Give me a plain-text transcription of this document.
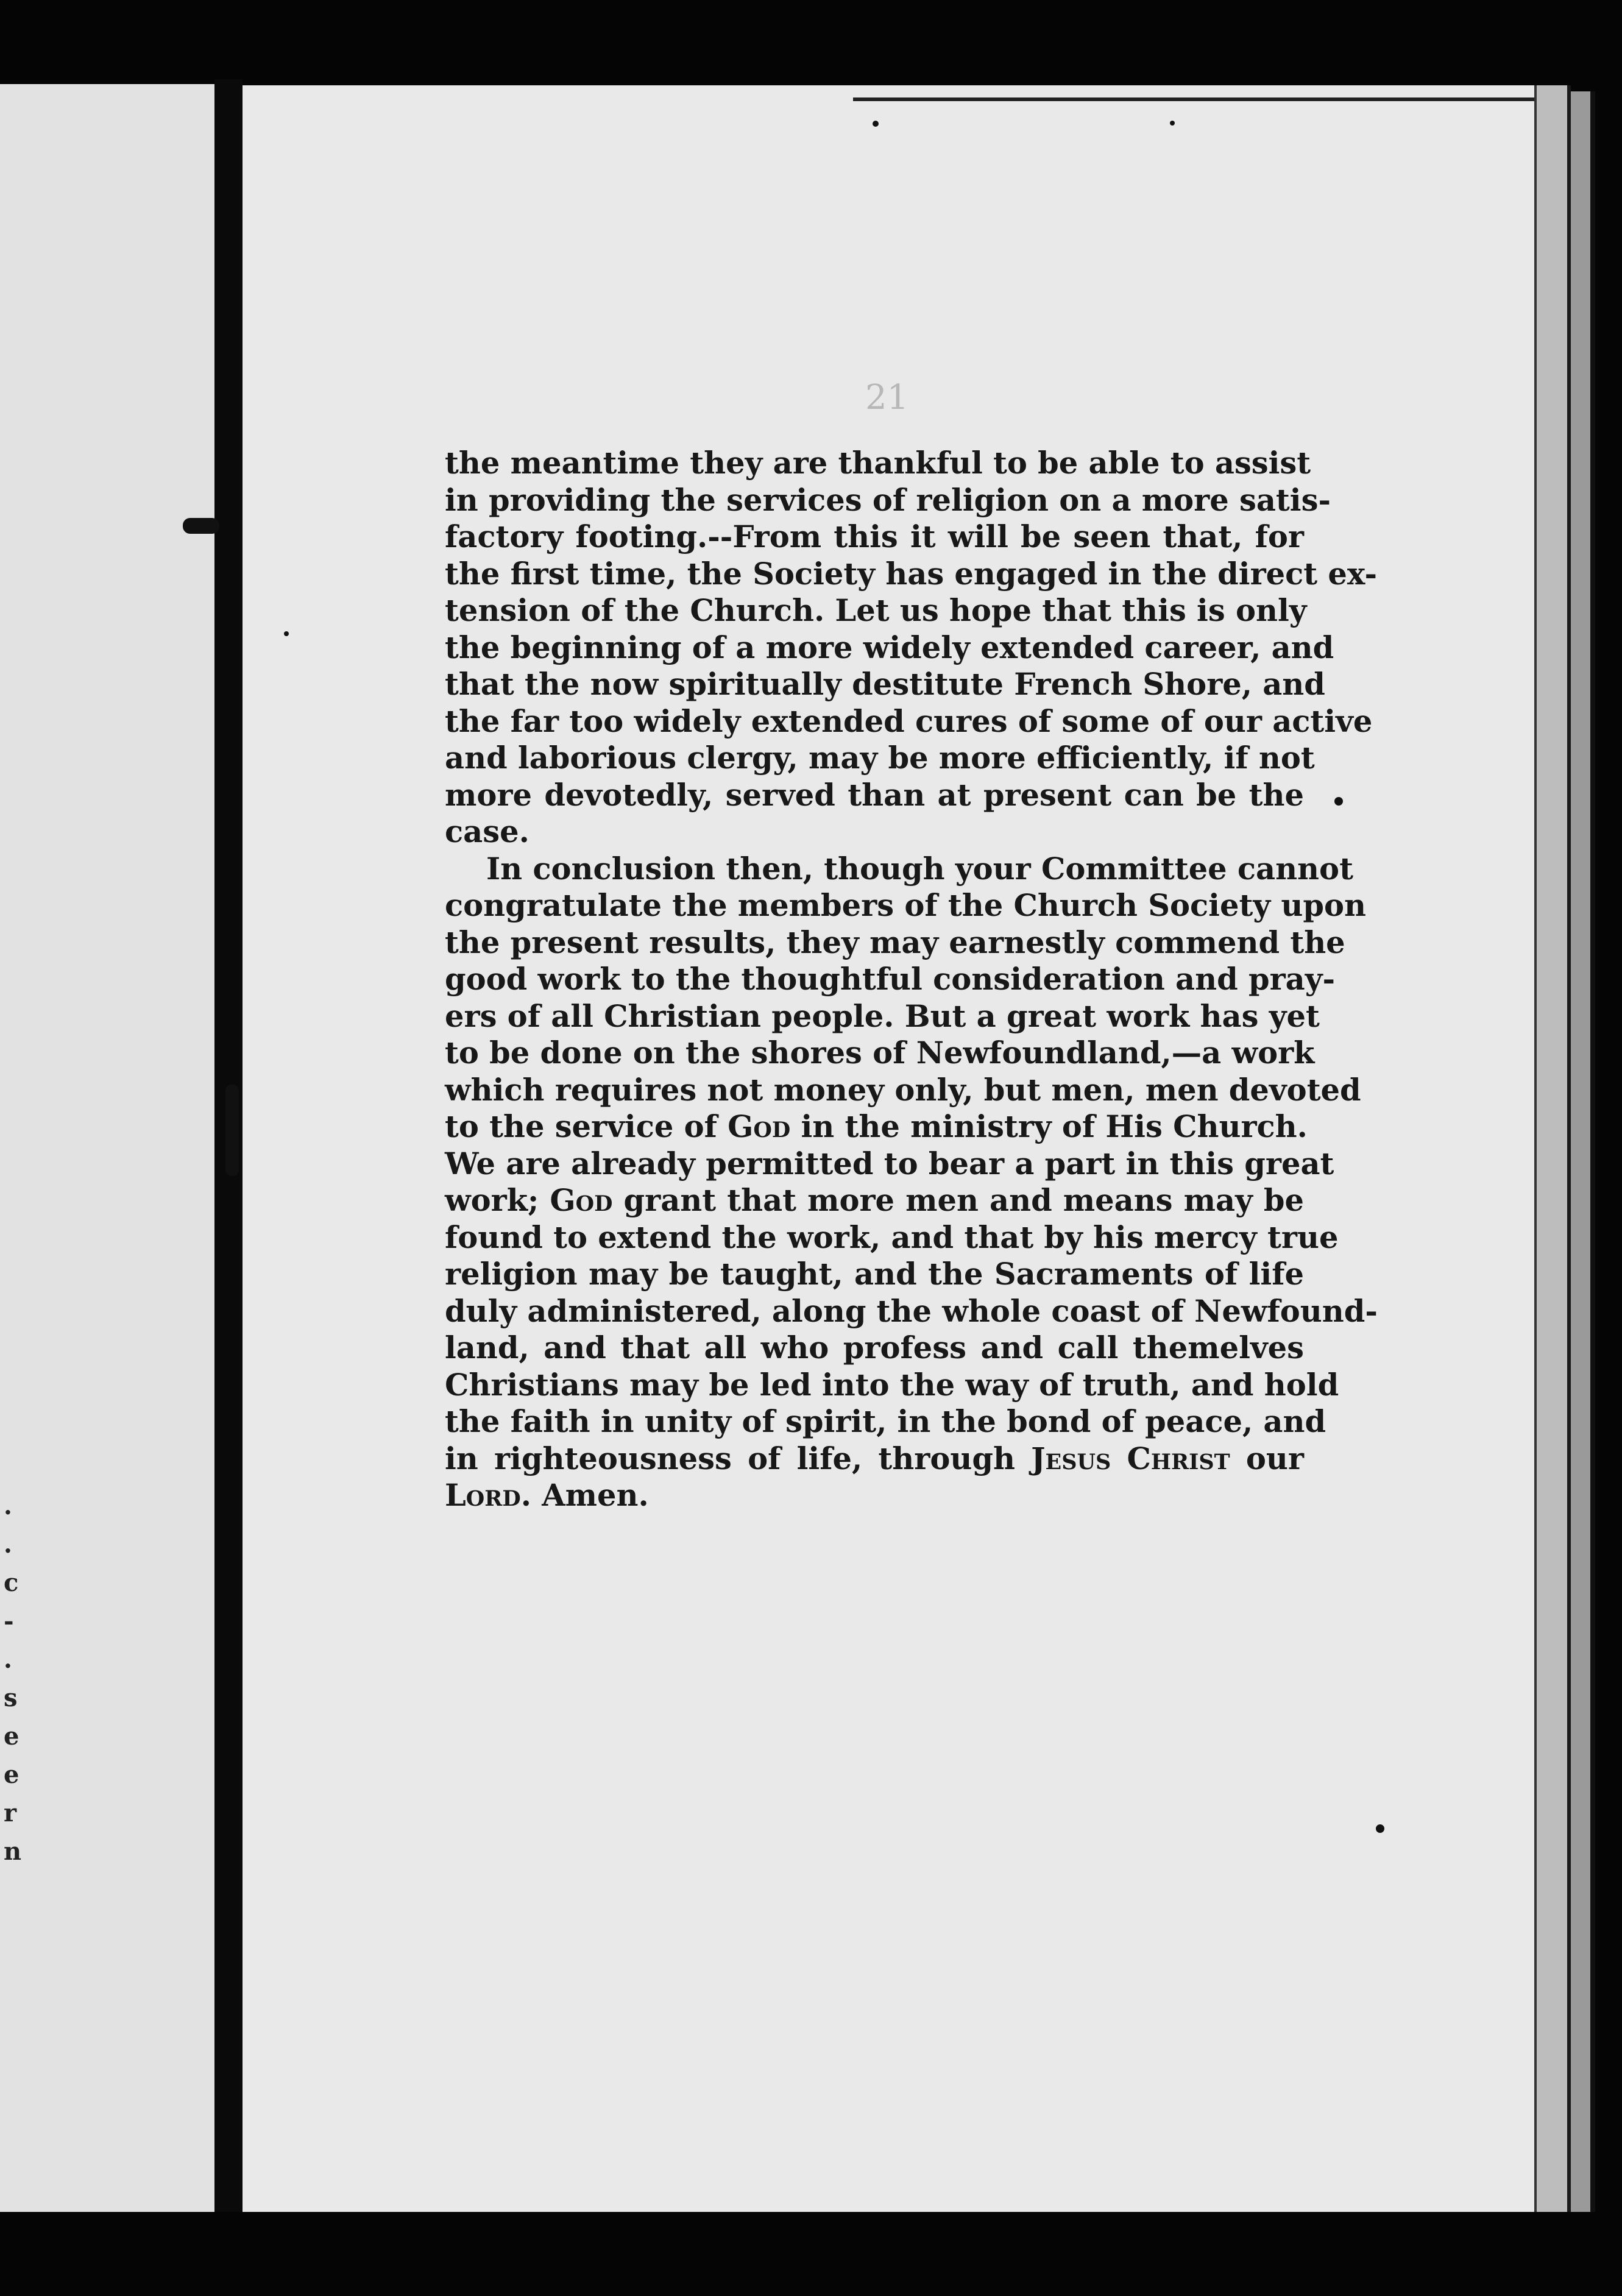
21

the meantime they are thankful to be able to assist
in providing the services of religion on a more satis-
factory footing.--From this it will be seen that, for
the first time, the Society has engaged in the direct ex-
tension of the Church. Let us hope that this is only
the beginning of a more widely extended career, and
that the now spiritually destitute French Shore, and
the far too widely extended cures of some of our active
and laborious clergy, may be more efficiently, if not
more devotedly, served than at present can be the
case.

In conclusion then, though your Committee cannot
congratulate the members of the Church Society upon
the present results, they may earnestly commend the
good work to the thoughtful consideration and pray-
ers of all Christian people. But a great work has yet
to be done on the shores of Newfoundland,—a work
which requires not money only, but men, men devoted
to the service of God in the ministry of His Church.
We are already permitted to bear a part in this great
work; God grant that more men and means may be
found to extend the work, and that by his mercy true
religion may be taught, and the Sacraments of life
duly administered, along the whole coast of Newfound-
land, and that all who profess and call themelves
Christians may be led into the way of truth, and hold
the faith in unity of spirit, in the bond of peace, and
in righteousness of life, through Jesus Christ our
Lord. Amen.

.
.
c
-
.
s
e
e
r
n
